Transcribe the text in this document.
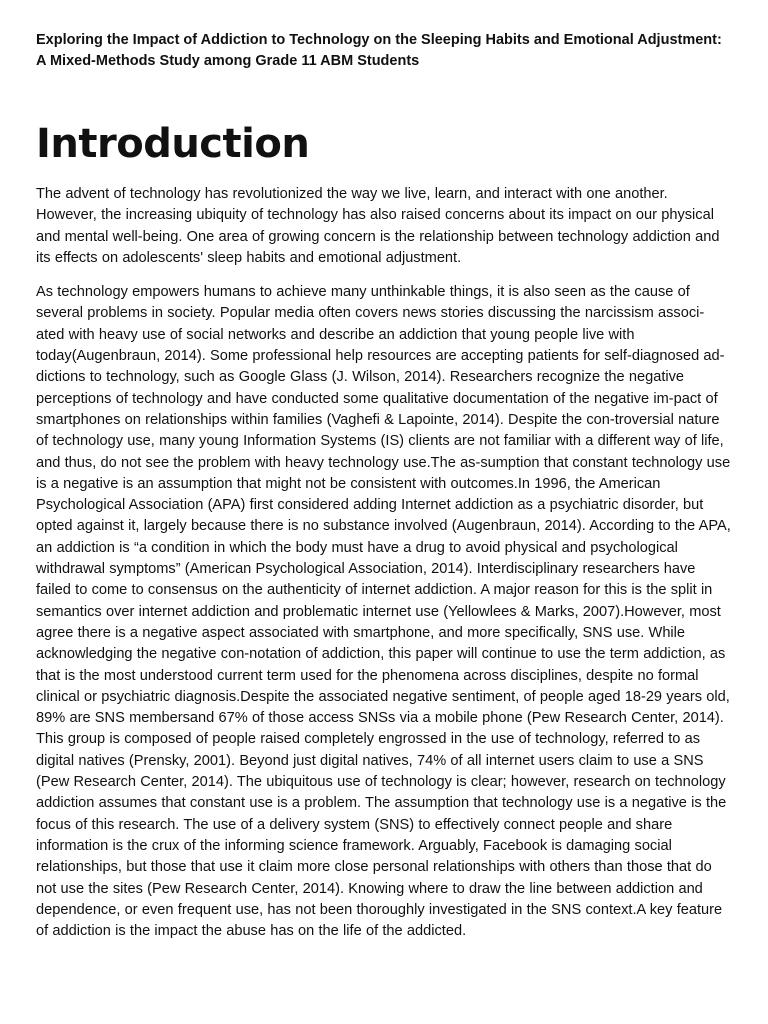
Exploring the Impact of Addiction to Technology on the Sleeping Habits and Emotional Adjustment: A Mixed-Methods Study among Grade 11 ABM Students
Introduction

The advent of technology has revolutionized the way we live, learn, and interact with one another. However, the increasing ubiquity of technology has also raised concerns about its impact on our physical and mental well-being. One area of growing concern is the relationship between technology addiction and its effects on adolescents' sleep habits and emotional adjustment.

As technology empowers humans to achieve many unthinkable things, it is also seen as the cause of several problems in society. Popular media often covers news stories discussing the narcissism associ-ated with heavy use of social networks and describe an addiction that young people live with today(Augenbraun, 2014). Some professional help resources are accepting patients for self-diagnosed ad-dictions to technology, such as Google Glass (J. Wilson, 2014). Researchers recognize the negative perceptions of technology and have conducted some qualitative documentation of the negative im-pact of smartphones on relationships within families (Vaghefi & Lapointe, 2014). Despite the con-troversial nature of technology use, many young Information Systems (IS) clients are not familiar with a different way of life, and thus, do not see the problem with heavy technology use.The as-sumption that constant technology use is a negative is an assumption that might not be consistent with outcomes.In 1996, the American Psychological Association (APA) first considered adding Internet addiction as a psychiatric disorder, but opted against it, largely because there is no substance involved (Augenbraun, 2014). According to the APA, an addiction is “a condition in which the body must have a drug to avoid physical and psychological withdrawal symptoms” (American Psychological Association, 2014). Interdisciplinary researchers have failed to come to consensus on the authenticity of internet addiction. A major reason for this is the split in semantics over internet addiction and problematic internet use (Yellowlees & Marks, 2007).However, most agree there is a negative aspect associated with smartphone, and more specifically, SNS use. While acknowledging the negative con-notation of addiction, this paper will continue to use the term addiction, as that is the most understood current term used for the phenomena across disciplines, despite no formal clinical or psychiatric diagnosis.Despite the associated negative sentiment, of people aged 18-29 years old, 89% are SNS membersand 67% of those access SNSs via a mobile phone (Pew Research Center, 2014). This group is composed of people raised completely engrossed in the use of technology, referred to as digital natives (Prensky, 2001). Beyond just digital natives, 74% of all internet users claim to use a SNS (Pew Research Center, 2014). The ubiquitous use of technology is clear; however, research on technology addiction assumes that constant use is a problem. The assumption that technology use is a negative is the focus of this research. The use of a delivery system (SNS) to effectively connect people and share information is the crux of the informing science framework. Arguably, Facebook is damaging social relationships, but those that use it claim more close personal relationships with others than those that do not use the sites (Pew Research Center, 2014). Knowing where to draw the line between addiction and dependence, or even frequent use, has not been thoroughly investigated in the SNS context.A key feature of addiction is the impact the abuse has on the life of the addicted.
